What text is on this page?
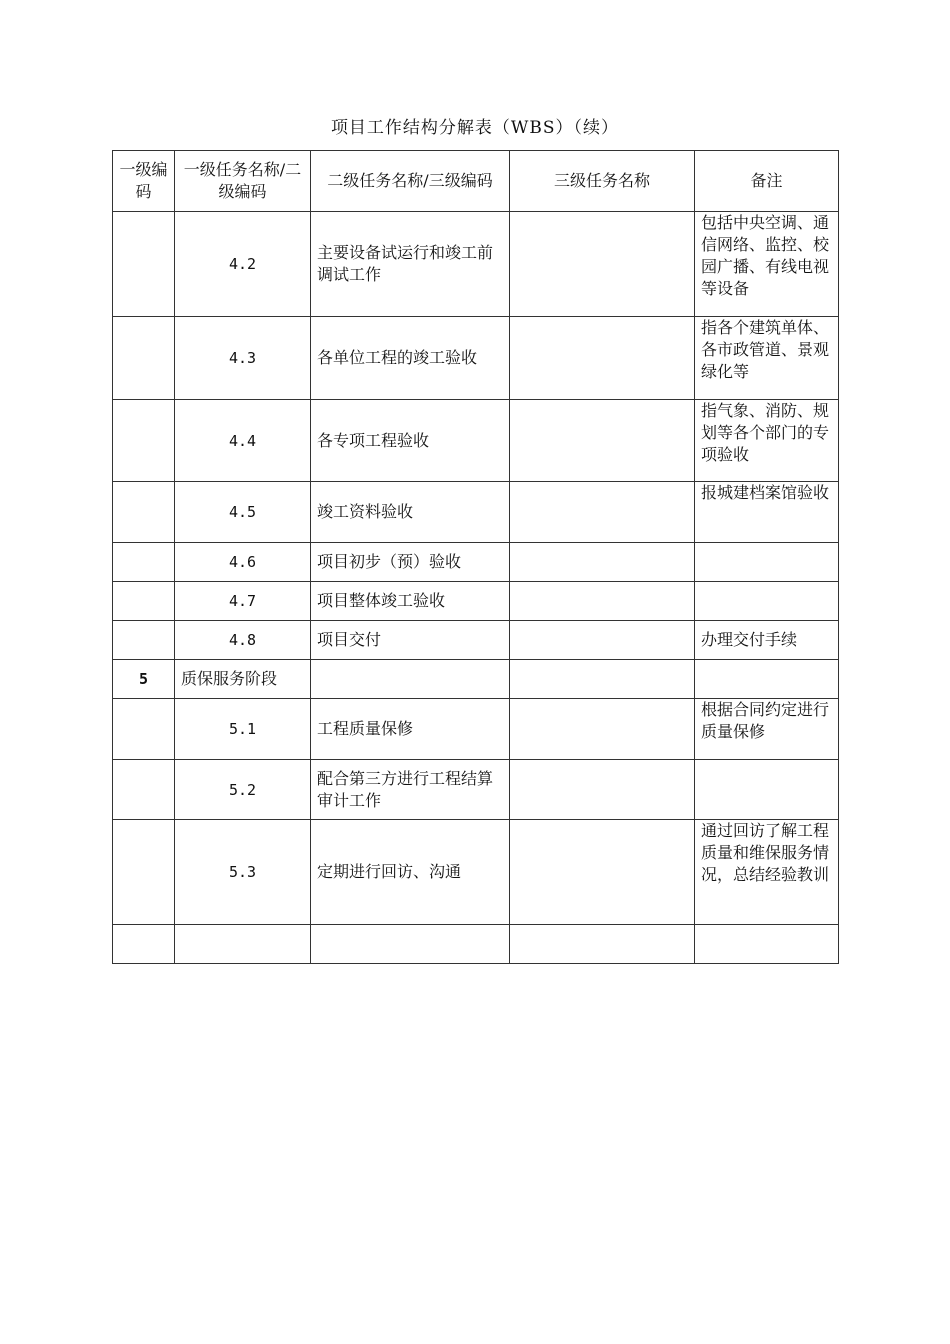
项目工作结构分解表（WBS）（续）
一级编码	一级任务名称/二级编码	二级任务名称/三级编码	三级任务名称	备注
	4.2	主要设备试运行和竣工前调试工作		包括中央空调、通信网络、监控、校园广播、有线电视等设备
	4.3	各单位工程的竣工验收		指各个建筑单体、各市政管道、景观绿化等
	4.4	各专项工程验收		指气象、消防、规划等各个部门的专项验收
	4.5	竣工资料验收		报城建档案馆验收
	4.6	项目初步（预）验收		
	4.7	项目整体竣工验收		
	4.8	项目交付		办理交付手续
5	质保服务阶段			
	5.1	工程质量保修		根据合同约定进行质量保修
	5.2	配合第三方进行工程结算审计工作		
	5.3	定期进行回访、沟通		通过回访了解工程质量和维保服务情况，总结经验教训
